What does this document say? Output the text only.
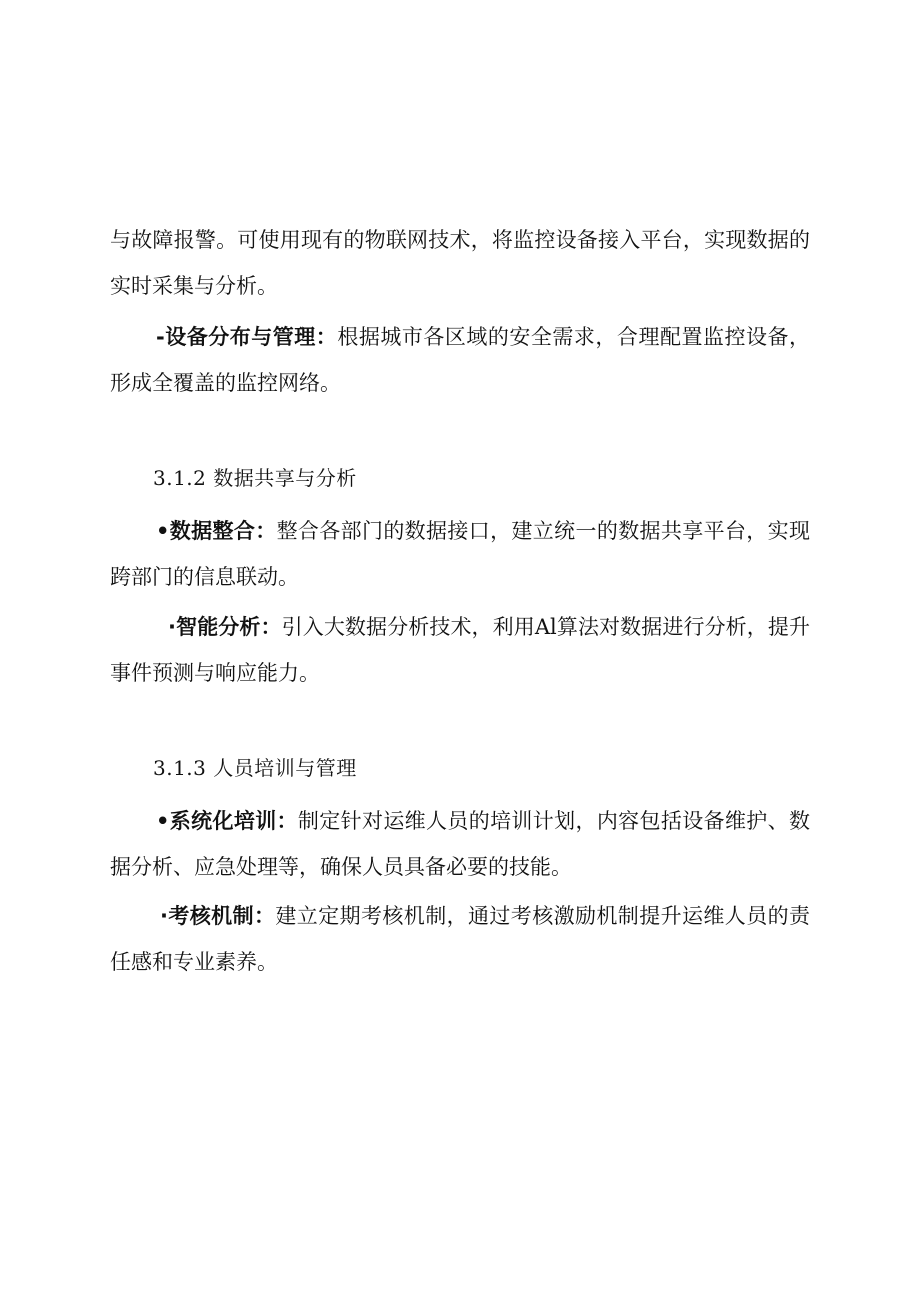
与故障报警。可使用现有的物联网技术，将监控设备接入平台，实现数据的实时采集与分析。

-设备分布与管理：根据城市各区域的安全需求，合理配置监控设备，形成全覆盖的监控网络。

3.1.2 数据共享与分析

•数据整合：整合各部门的数据接口，建立统一的数据共享平台，实现跨部门的信息联动。

·智能分析：引入大数据分析技术，利用Al算法对数据进行分析，提升事件预测与响应能力。

3.1.3 人员培训与管理

•系统化培训：制定针对运维人员的培训计划，内容包括设备维护、数据分析、应急处理等，确保人员具备必要的技能。

·考核机制：建立定期考核机制，通过考核激励机制提升运维人员的责任感和专业素养。
